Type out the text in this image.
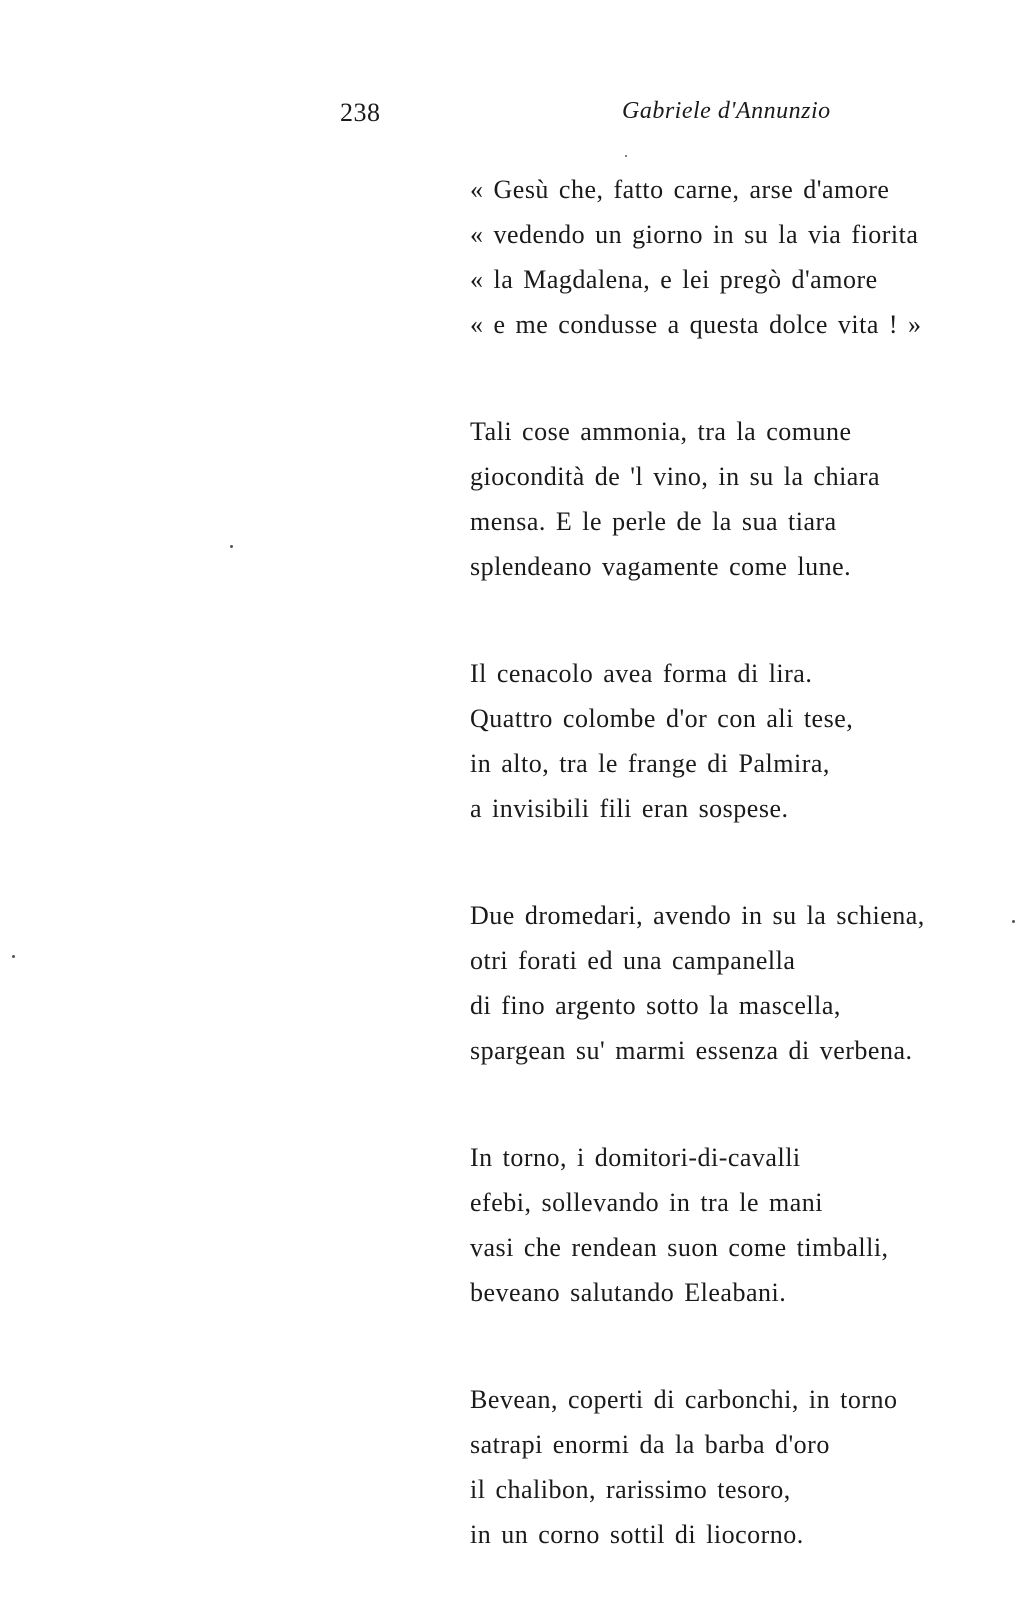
238	Gabriele d'Annunzio
« Gesù che, fatto carne, arse d'amore
« vedendo un giorno in su la via fiorita
« la Magdalena, e lei pregò d'amore
« e me condusse a questa dolce vita ! »
Tali cose ammonia, tra la comune
giocondità de 'l vino, in su la chiara
mensa. E le perle de la sua tiara
splendeano vagamente come lune.
Il cenacolo avea forma di lira.
Quattro colombe d'or con ali tese,
in alto, tra le frange di Palmira,
a invisibili fili eran sospese.
Due dromedari, avendo in su la schiena,
otri forati ed una campanella
di fino argento sotto la mascella,
spargean su' marmi essenza di verbena.
In torno, i domitori-di-cavalli
efebi, sollevando in tra le mani
vasi che rendean suon come timballi,
beveano salutando Eleabani.
Bevean, coperti di carbonchi, in torno
satrapi enormi da la barba d'oro
il chalibon, rarissimo tesoro,
in un corno sottil di liocorno.
